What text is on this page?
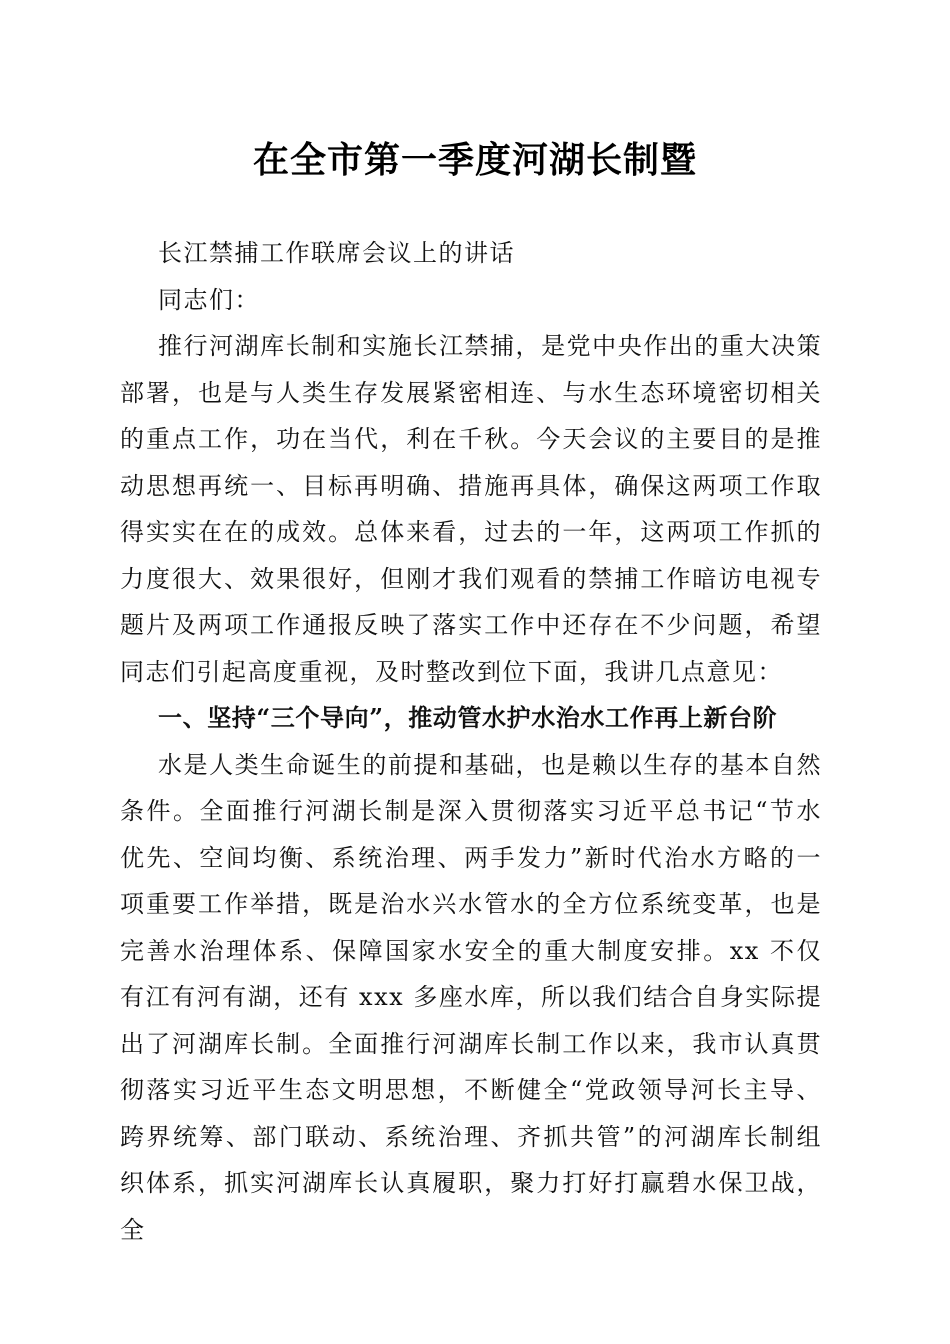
在全市第一季度河湖长制暨

长江禁捕工作联席会议上的讲话

同志们：

推行河湖库长制和实施长江禁捕，是党中央作出的重大决策部署，也是与人类生存发展紧密相连、与水生态环境密切相关的重点工作，功在当代，利在千秋。今天会议的主要目的是推动思想再统一、目标再明确、措施再具体，确保这两项工作取得实实在在的成效。总体来看，过去的一年，这两项工作抓的力度很大、效果很好，但刚才我们观看的禁捕工作暗访电视专题片及两项工作通报反映了落实工作中还存在不少问题，希望同志们引起高度重视，及时整改到位下面，我讲几点意见：

一、坚持“三个导向”，推动管水护水治水工作再上新台阶

水是人类生命诞生的前提和基础，也是赖以生存的基本自然条件。全面推行河湖长制是深入贯彻落实习近平总书记“节水优先、空间均衡、系统治理、两手发力”新时代治水方略的一项重要工作举措，既是治水兴水管水的全方位系统变革，也是完善水治理体系、保障国家水安全的重大制度安排。xx 不仅有江有河有湖，还有 xxx 多座水库，所以我们结合自身实际提出了河湖库长制。全面推行河湖库长制工作以来，我市认真贯彻落实习近平生态文明思想，不断健全“党政领导河长主导、跨界统筹、部门联动、系统治理、齐抓共管”的河湖库长制组织体系，抓实河湖库长认真履职，聚力打好打赢碧水保卫战，全
